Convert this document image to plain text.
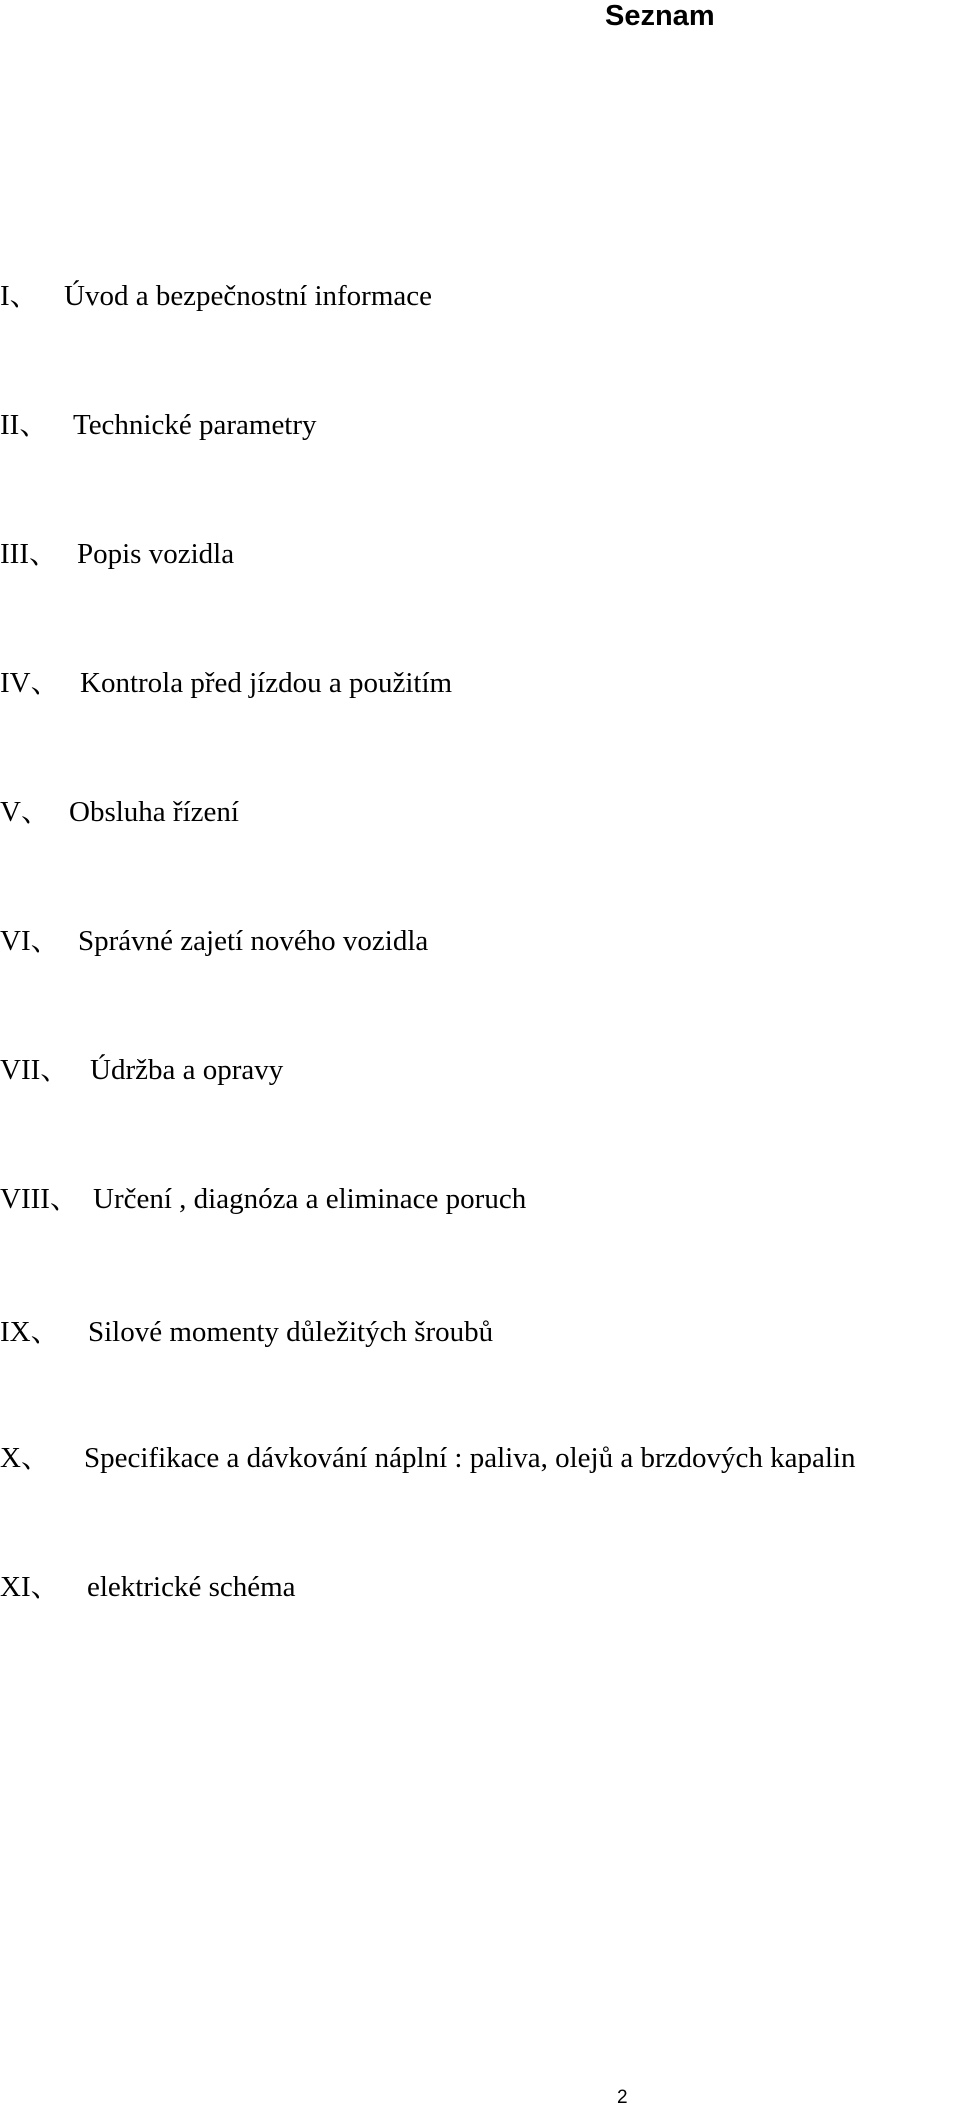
Seznam
I、 Úvod a bezpečnostní informace
II、 Technické parametry
III、 Popis vozidla
IV、 Kontrola před jízdou a použitím
V、 Obsluha řízení
VI、 Správné zajetí nového vozidla
VII、 Údržba a opravy
VIII、 Určení , diagnóza a eliminace poruch
IX、 Silové momenty důležitých šroubů
X、 Specifikace a dávkování náplní : paliva, olejů a brzdových kapalin
XI、 elektrické schéma
2
